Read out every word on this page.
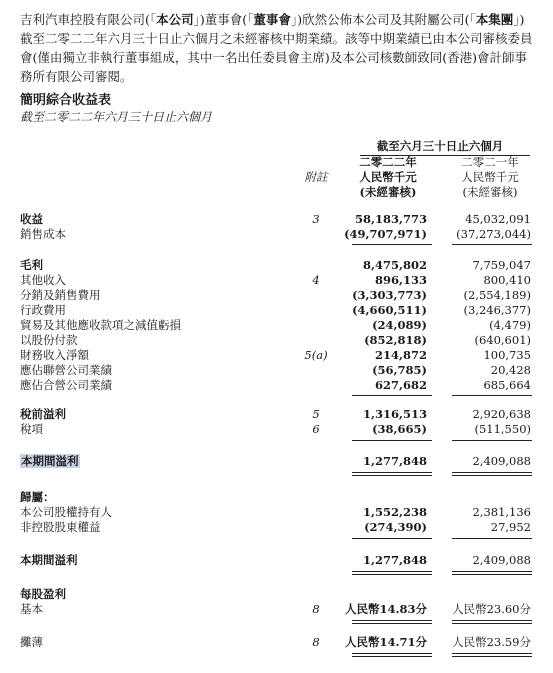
吉利汽車控股有限公司(「本公司」)董事會(「董事會」)欣然公佈本公司及其附屬公司(「本集團」)截至二零二二年六月三十日止六個月之未經審核中期業績。該等中期業績已由本公司審核委員會(僅由獨立非執行董事組成，其中一名出任委員會主席)及本公司核數師致同(香港)會計師事務所有限公司審閱。
簡明綜合收益表
截至二零二二年六月三十日止六個月
截至六月三十日止六個月
二零二二年
人民幣千元
(未經審核)
二零二一年
人民幣千元
(未經審核)
附註
收益	3	58,183,773	45,032,091
銷售成本	(49,707,971)	(37,273,044)
毛利	8,475,802	7,759,047
其他收入	4	896,133	800,410
分銷及銷售費用	(3,303,773)	(2,554,189)
行政費用	(4,660,511)	(3,246,377)
貿易及其他應收款項之減值虧損	(24,089)	(4,479)
以股份付款	(852,818)	(640,601)
財務收入淨額	5(a)	214,872	100,735
應佔聯營公司業績	(56,785)	20,428
應佔合營公司業績	627,682	685,664
稅前溢利	5	1,316,513	2,920,638
稅項	6	(38,665)	(511,550)
本期間溢利	1,277,848	2,409,088
歸屬：
本公司股權持有人	1,552,238	2,381,136
非控股股東權益	(274,390)	27,952
本期間溢利	1,277,848	2,409,088
每股盈利
基本	8	人民幣14.83分 人民幣23.60分
攤薄	8	人民幣14.71分 人民幣23.59分
